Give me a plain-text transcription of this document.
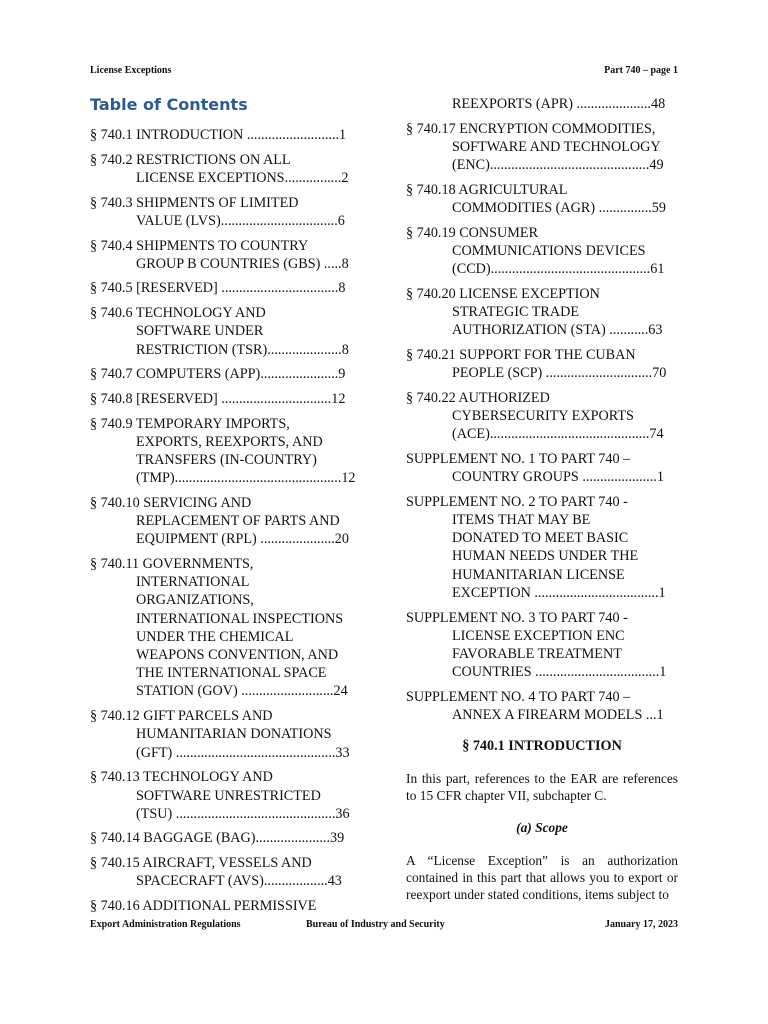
License Exceptions	Part 740 – page 1
Table of Contents
§ 740.1 INTRODUCTION ..........................1
§ 740.2 RESTRICTIONS ON ALL
LICENSE EXCEPTIONS................2
§ 740.3 SHIPMENTS OF LIMITED
VALUE (LVS).................................6
§ 740.4 SHIPMENTS TO COUNTRY
GROUP B COUNTRIES (GBS) .....8
§ 740.5 [RESERVED] .................................8
§ 740.6 TECHNOLOGY AND
SOFTWARE UNDER
RESTRICTION (TSR).....................8
§ 740.7 COMPUTERS (APP)......................9
§ 740.8 [RESERVED] ...............................12
§ 740.9 TEMPORARY IMPORTS,
EXPORTS, REEXPORTS, AND
TRANSFERS (IN-COUNTRY)
(TMP)...............................................12
§ 740.10 SERVICING AND
REPLACEMENT OF PARTS AND
EQUIPMENT (RPL) .....................20
§ 740.11 GOVERNMENTS,
INTERNATIONAL
ORGANIZATIONS,
INTERNATIONAL INSPECTIONS
UNDER THE CHEMICAL
WEAPONS CONVENTION, AND
THE INTERNATIONAL SPACE
STATION (GOV) ..........................24
§ 740.12 GIFT PARCELS AND
HUMANITARIAN DONATIONS
(GFT) .............................................33
§ 740.13 TECHNOLOGY AND
SOFTWARE UNRESTRICTED
(TSU) .............................................36
§ 740.14 BAGGAGE (BAG).....................39
§ 740.15 AIRCRAFT, VESSELS AND
SPACECRAFT (AVS)..................43
§ 740.16 ADDITIONAL PERMISSIVE
REEXPORTS (APR) .....................48
§ 740.17 ENCRYPTION COMMODITIES,
SOFTWARE AND TECHNOLOGY
(ENC).............................................49
§ 740.18 AGRICULTURAL
COMMODITIES (AGR) ...............59
§ 740.19 CONSUMER
COMMUNICATIONS DEVICES
(CCD).............................................61
§ 740.20 LICENSE EXCEPTION
STRATEGIC TRADE
AUTHORIZATION (STA) ...........63
§ 740.21 SUPPORT FOR THE CUBAN
PEOPLE (SCP) ..............................70
§ 740.22 AUTHORIZED
CYBERSECURITY EXPORTS
(ACE).............................................74
SUPPLEMENT NO. 1 TO PART 740 –
COUNTRY GROUPS .....................1
SUPPLEMENT NO. 2 TO PART 740 -
ITEMS THAT MAY BE
DONATED TO MEET BASIC
HUMAN NEEDS UNDER THE
HUMANITARIAN LICENSE
EXCEPTION ...................................1
SUPPLEMENT NO. 3 TO PART 740 -
LICENSE EXCEPTION ENC
FAVORABLE TREATMENT
COUNTRIES ...................................1
SUPPLEMENT NO. 4 TO PART 740 –
ANNEX A FIREARM MODELS ...1
§ 740.1 INTRODUCTION
In this part, references to the EAR are references to 15 CFR chapter VII, subchapter C.
(a) Scope
A “License Exception” is an authorization contained in this part that allows you to export or reexport under stated conditions, items subject to
Export Administration Regulations	Bureau of Industry and Security	January 17, 2023
